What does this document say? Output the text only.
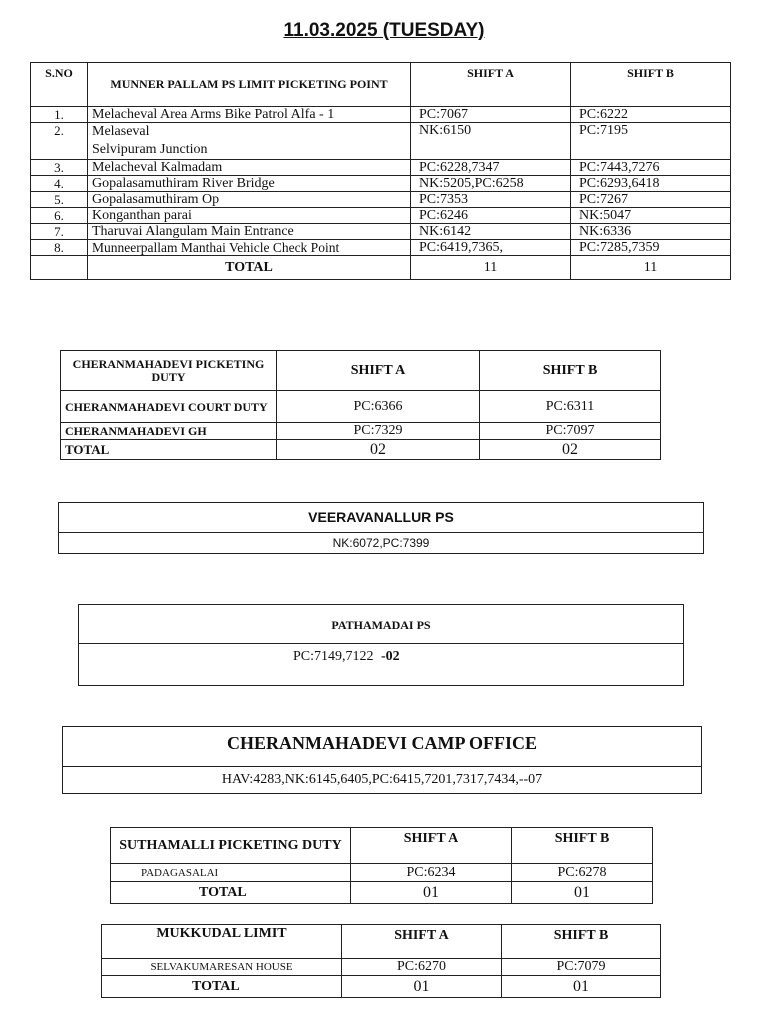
11.03.2025 (TUESDAY)
S.NO	MUNNER PALLAM PS LIMIT PICKETING POINT	SHIFT A	SHIFT B
1.	Melacheval Area Arms Bike Patrol Alfa - 1	PC:7067	PC:6222
2.	Melaseval
Selvipuram Junction	NK:6150	PC:7195
3.	Melacheval Kalmadam	PC:6228,7347	PC:7443,7276
4.	Gopalasamuthiram River Bridge	NK:5205,PC:6258	PC:6293,6418
5.	Gopalasamuthiram Op	PC:7353	PC:7267
6.	Konganthan parai	PC:6246	NK:5047
7.	Tharuvai Alangulam Main Entrance	NK:6142	NK:6336
8.	Munneerpallam Manthai Vehicle Check Point	PC:6419,7365,	PC:7285,7359
	TOTAL	11	11
CHERANMAHADEVI PICKETING DUTY	SHIFT A	SHIFT B
CHERANMAHADEVI COURT DUTY	PC:6366	PC:6311
CHERANMAHADEVI GH	PC:7329	PC:7097
TOTAL	02	02
VEERAVANALLUR PS
NK:6072,PC:7399
PATHAMADAI PS
PC:7149,7122 -02
CHERANMAHADEVI CAMP OFFICE
HAV:4283,NK:6145,6405,PC:6415,7201,7317,7434,--07
SUTHAMALLI PICKETING DUTY	SHIFT A	SHIFT B
PADAGASALAI	PC:6234	PC:6278
TOTAL	01	01
MUKKUDAL LIMIT	SHIFT A	SHIFT B
SELVAKUMARESAN HOUSE	PC:6270	PC:7079
TOTAL	01	01
